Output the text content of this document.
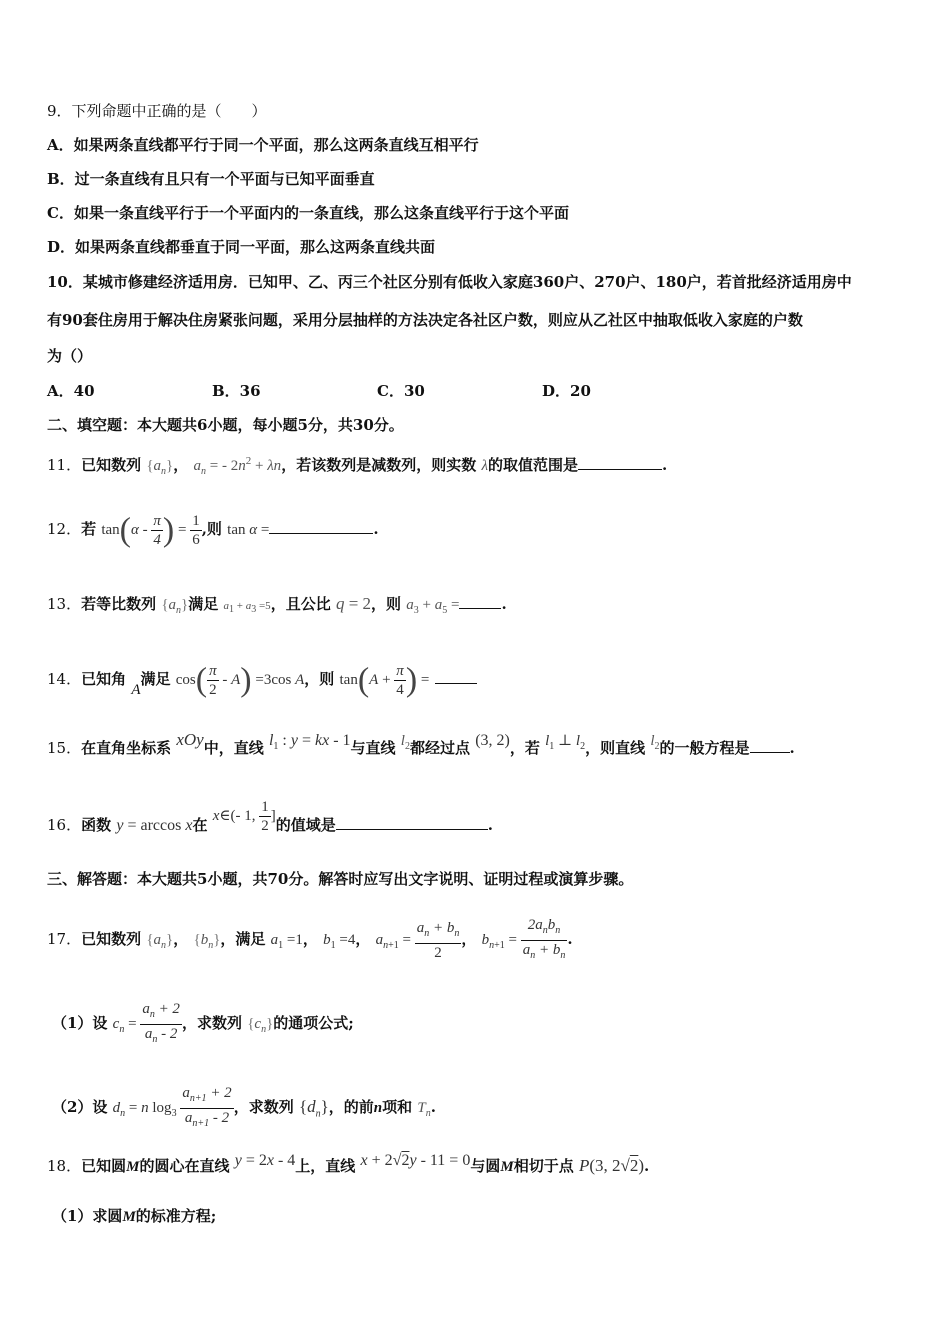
9．下列命题中正确的是（　　）
A．如果两条直线都平行于同一个平面，那么这两条直线互相平行
B．过一条直线有且只有一个平面与已知平面垂直
C．如果一条直线平行于一个平面内的一条直线，那么这条直线平行于这个平面
D．如果两条直线都垂直于同一平面，那么这两条直线共面
10．某城市修建经济适用房．已知甲、乙、丙三个社区分别有低收入家庭360户、270户、180户，若首批经济适用房中
有90套住房用于解决住房紧张问题，采用分层抽样的方法决定各社区户数，则应从乙社区中抽取低收入家庭的户数
为（）
A．40	B．36	C．30	D．20
二、填空题：本大题共6小题，每小题5分，共30分。
11．已知数列 $\{a_n\}$， $a_n$ = - $2n^2 + \lambda n$，若该数列是减数列，则实数 λ的取值范围是	.
12．若 $\tan(\alpha - \frac{\pi}{4}$ ) = $\frac{1}{6}$ ,则 tan α =	.
13．若等比数列 $\{a_n\}$满足 $a_1 + a_3 =5$，且公比 q = 2，则 $a_3 + a_5$ =	.
14．已知角 A满足 $\cos( \frac{\pi}{2} - A) =3\cos$ A，则 $\tan(A + \frac{\pi}{4}$ ) =
15．在直角坐标系 xOy中，直线 $l_1$ : y = kx - 1与直线 $l_2$都经过点 (3, 2)，若 $l_1$ ⊥ $l_2$，则直线 $l_2$的一般方程是	.
16．函数 y = arccos x在 x∈(- 1, $\frac{1}{2}$ ]的值域是	.
三、解答题：本大题共5小题，共70分。解答时应写出文字说明、证明过程或演算步骤。
17．已知数列 $\{a_n\}$， $\{b_n\}$，满足 $a_1 =1$， $b_1 =4$， $a_{n+1} = \frac{a_n + b_n}{2}$ ， $b_{n+1} = \frac{2a_nb_n}{a_n + b_n}$ .
（1）设 $c_n = \frac{a_n + 2}{a_n - 2}$ ，求数列 $\{c_n\}$的通项公式;
（2）设 $d_n = n$ $\log_3 \frac{a_{n+1} + 2}{a_{n+1} - 2}$ ，求数列 $\{d_n\}$，的前n项和 $T_n$.
18．已知圆M的圆心在直线 y = 2x - 4上，直线 x + 2√2y - 11 = 0与圆M相切于点 P(3, 2√2).
（1）求圆M的标准方程;
